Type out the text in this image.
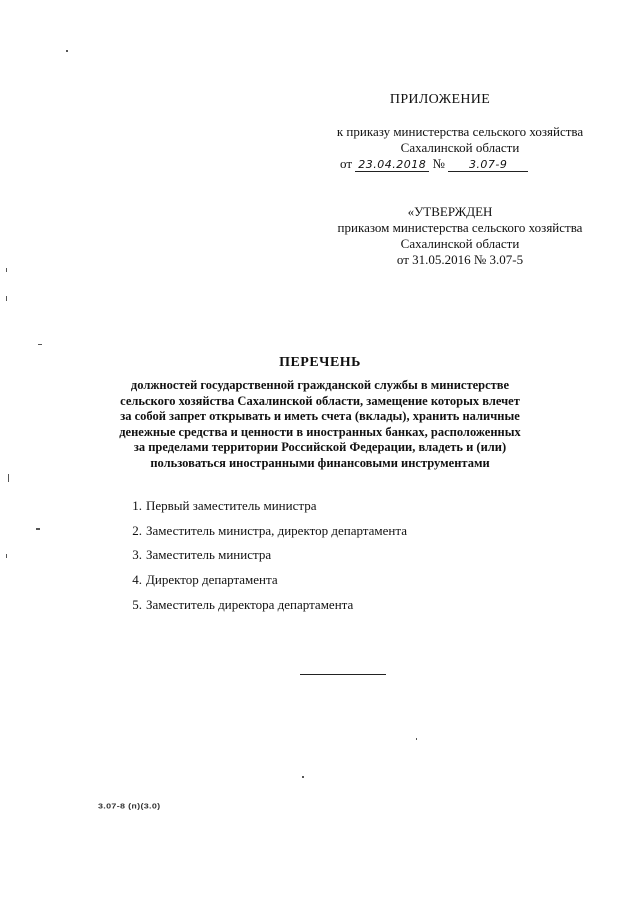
ПРИЛОЖЕНИЕ
к приказу министерства сельского хозяйства
Сахалинской области
от 23.04.2018 № 3.07-9
«УТВЕРЖДЕН
приказом министерства сельского хозяйства
Сахалинской области
от 31.05.2016 № 3.07-5
ПЕРЕЧЕНЬ
должностей государственной гражданской службы в министерстве
сельского хозяйства Сахалинской области, замещение которых влечет
за собой запрет открывать и иметь счета (вклады), хранить наличные
денежные средства и ценности в иностранных банках, расположенных
за пределами территории Российской Федерации, владеть и (или)
пользоваться иностранными финансовыми инструментами
1. Первый заместитель министра
2. Заместитель министра, директор департамента
3. Заместитель министра
4. Директор департамента
5. Заместитель директора департамента
3.07-8 (п)(3.0)
